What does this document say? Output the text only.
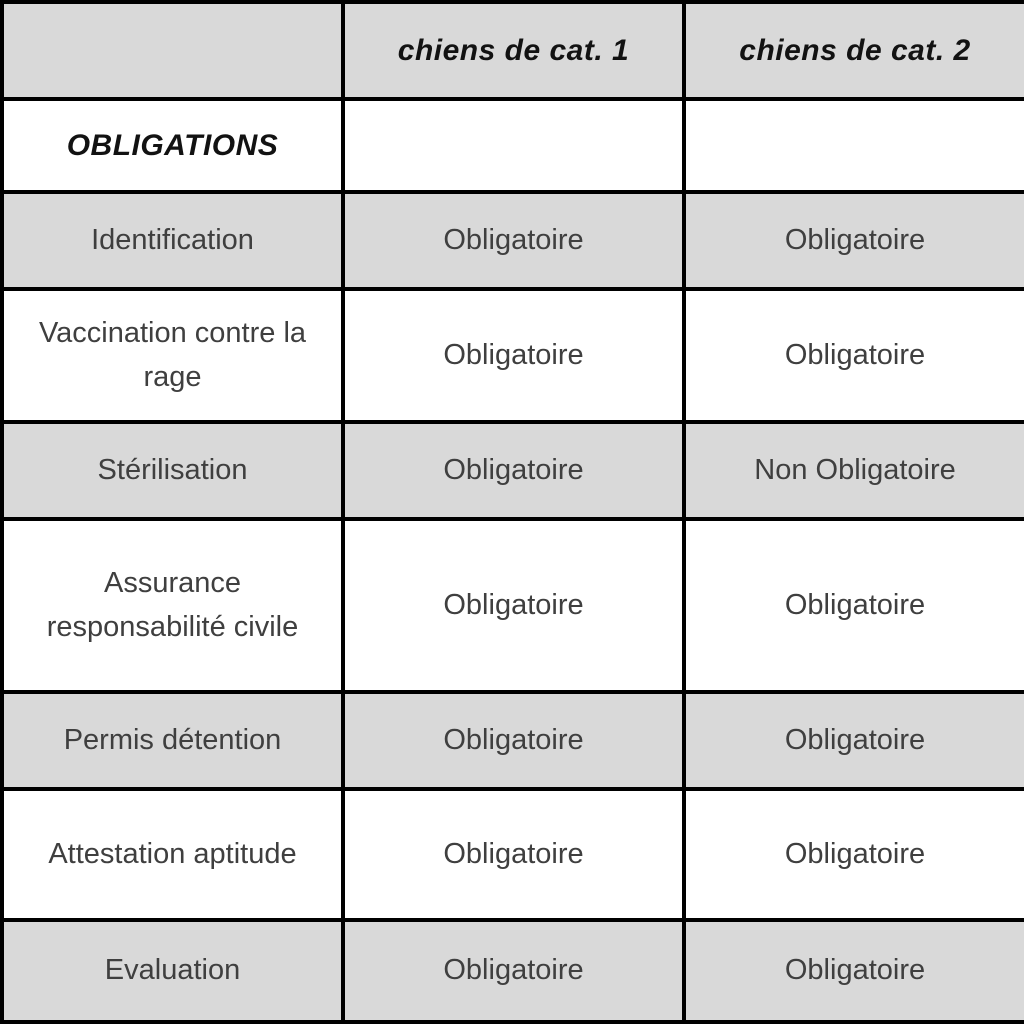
	chiens de cat. 1	chiens de cat. 2
OBLIGATIONS		
Identification	Obligatoire	Obligatoire
Vaccination contre la rage	Obligatoire	Obligatoire
Stérilisation	Obligatoire	Non Obligatoire
Assurance responsabilité civile	Obligatoire	Obligatoire
Permis détention	Obligatoire	Obligatoire
Attestation aptitude	Obligatoire	Obligatoire
Evaluation	Obligatoire	Obligatoire
